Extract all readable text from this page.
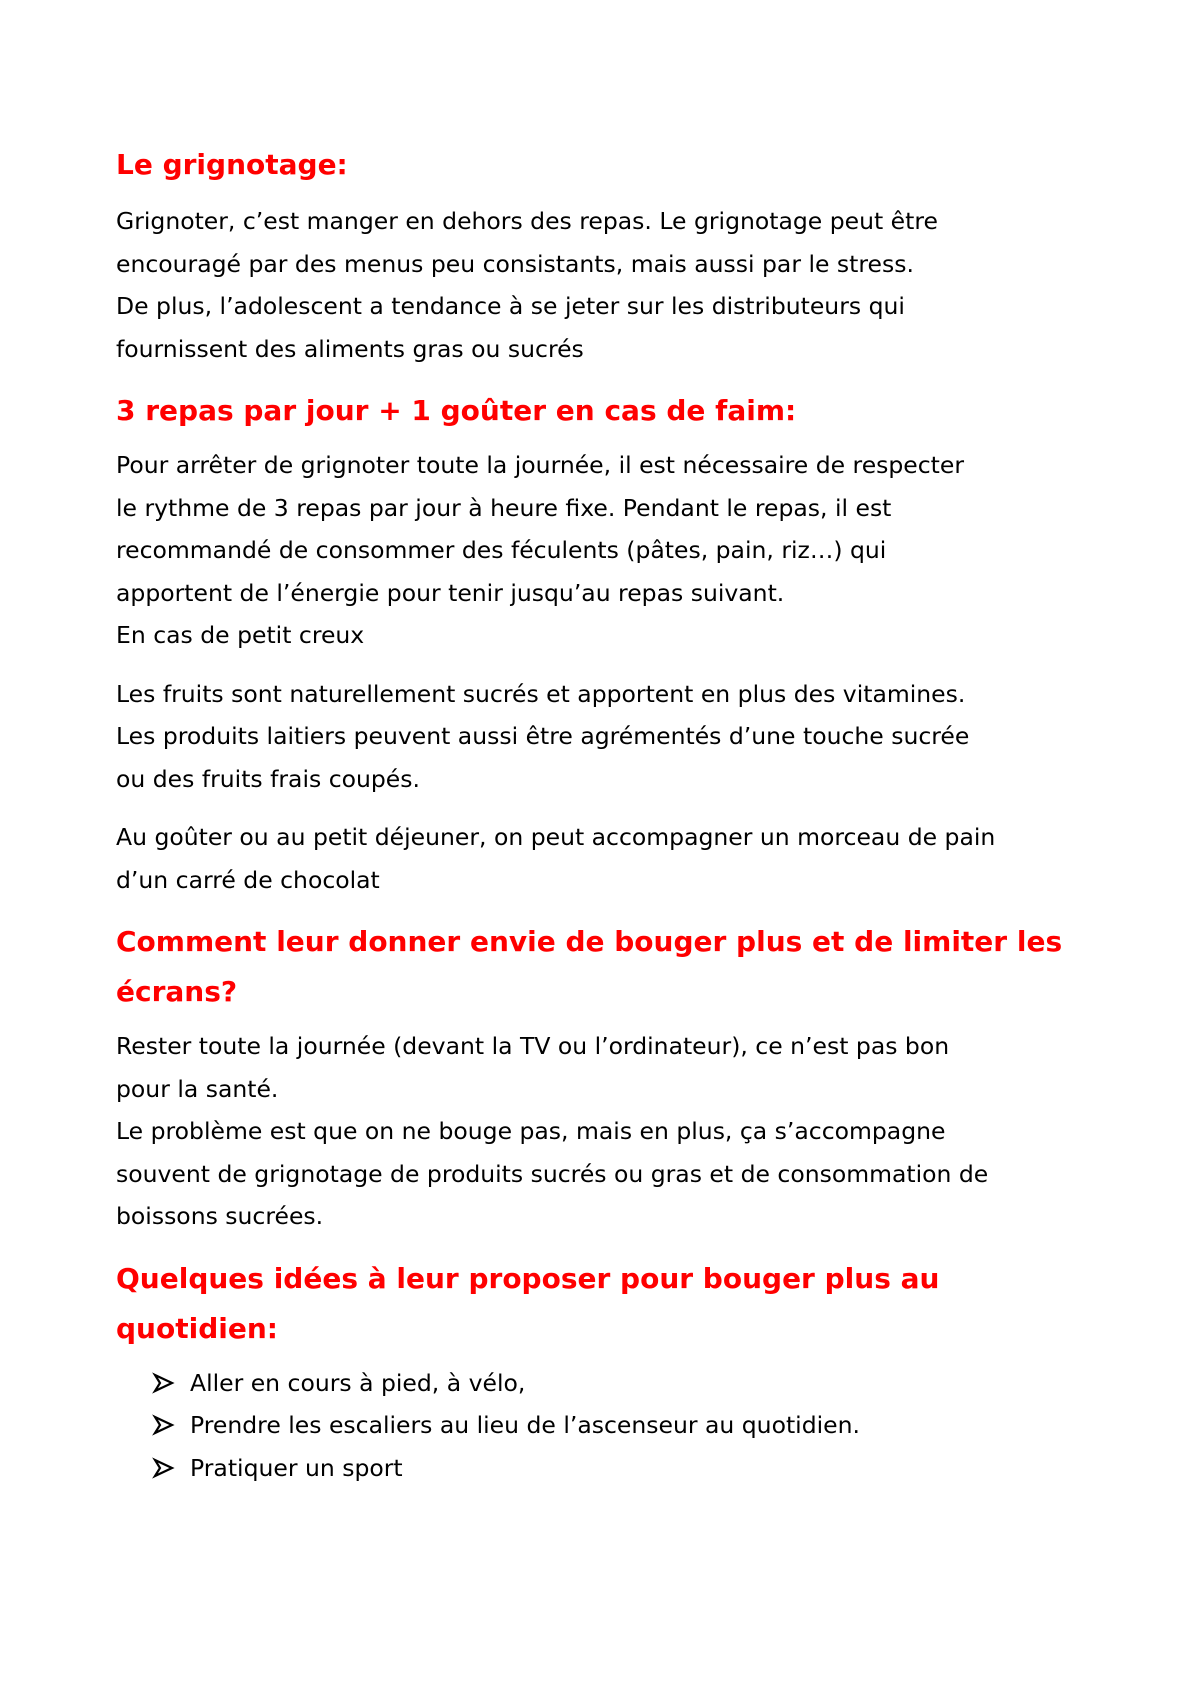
Le grignotage:

Grignoter, c’est manger en dehors des repas. Le grignotage peut être
encouragé par des menus peu consistants, mais aussi par le stress.
De plus, l’adolescent a tendance à se jeter sur les distributeurs qui
fournissent des aliments gras ou sucrés

3 repas par jour + 1 goûter en cas de faim:

Pour arrêter de grignoter toute la journée, il est nécessaire de respecter
le rythme de 3 repas par jour à heure fixe. Pendant le repas, il est
recommandé de consommer des féculents (pâtes, pain, riz…) qui
apportent de l’énergie pour tenir jusqu’au repas suivant.
En cas de petit creux

Les fruits sont naturellement sucrés et apportent en plus des vitamines.
Les produits laitiers peuvent aussi être agrémentés d’une touche sucrée
ou des fruits frais coupés.

Au goûter ou au petit déjeuner, on peut accompagner un morceau de pain
d’un carré de chocolat

Comment leur donner envie de bouger plus et de limiter les
écrans?

Rester toute la journée (devant la TV ou l’ordinateur), ce n’est pas bon
pour la santé.
Le problème est que on ne bouge pas, mais en plus, ça s’accompagne
souvent de grignotage de produits sucrés ou gras et de consommation de
boissons sucrées.

Quelques idées à leur proposer pour bouger plus au quotidien:
Aller en cours à pied, à vélo,
Prendre les escaliers au lieu de l’ascenseur au quotidien.
Pratiquer un sport
